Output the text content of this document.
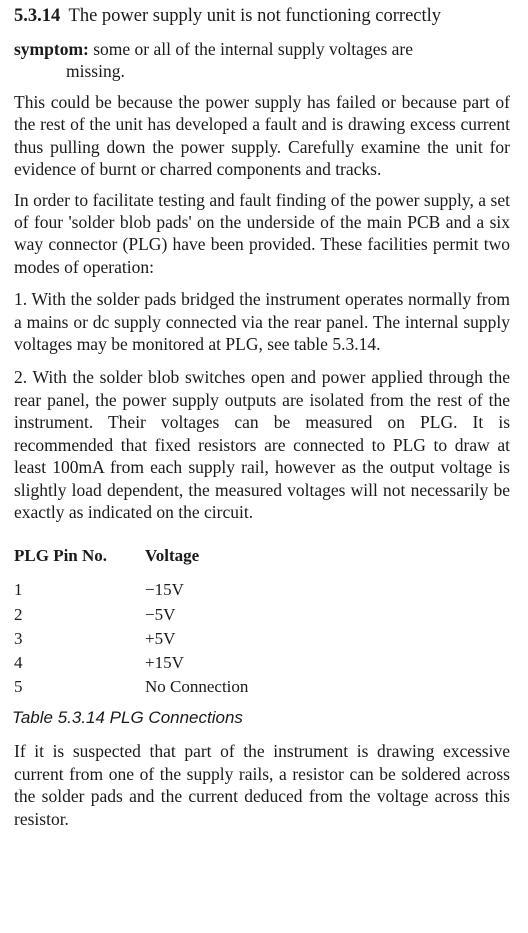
5.3.14 The power supply unit is not functioning correctly
symptom: some or all of the internal supply voltages are
missing.

This could be because the power supply has failed or because part of the rest of the unit has developed a fault and is drawing excess current thus pulling down the power supply. Carefully examine the unit for evidence of burnt or charred components and tracks.

In order to facilitate testing and fault finding of the power supply, a set of four 'solder blob pads' on the underside of the main PCB and a six way connector (PLG) have been provided. These facilities permit two modes of operation:

1. With the solder pads bridged the instrument operates normally from a mains or dc supply connected via the rear panel. The internal supply voltages may be monitored at PLG, see table 5.3.14.

2. With the solder blob switches open and power applied through the rear panel, the power supply outputs are isolated from the rest of the instrument. Their voltages can be measured on PLG. It is recommended that fixed resistors are connected to PLG to draw at least 100mA from each supply rail, however as the output voltage is slightly load dependent, the measured voltages will not necessarily be exactly as indicated on the circuit.

PLG Pin No.	Voltage
1	−15V
2	−5V
3	+5V
4	+15V
5	No Connection
Table 5.3.14 PLG Connections

If it is suspected that part of the instrument is drawing excessive current from one of the supply rails, a resistor can be soldered across the solder pads and the current deduced from the voltage across this resistor.
